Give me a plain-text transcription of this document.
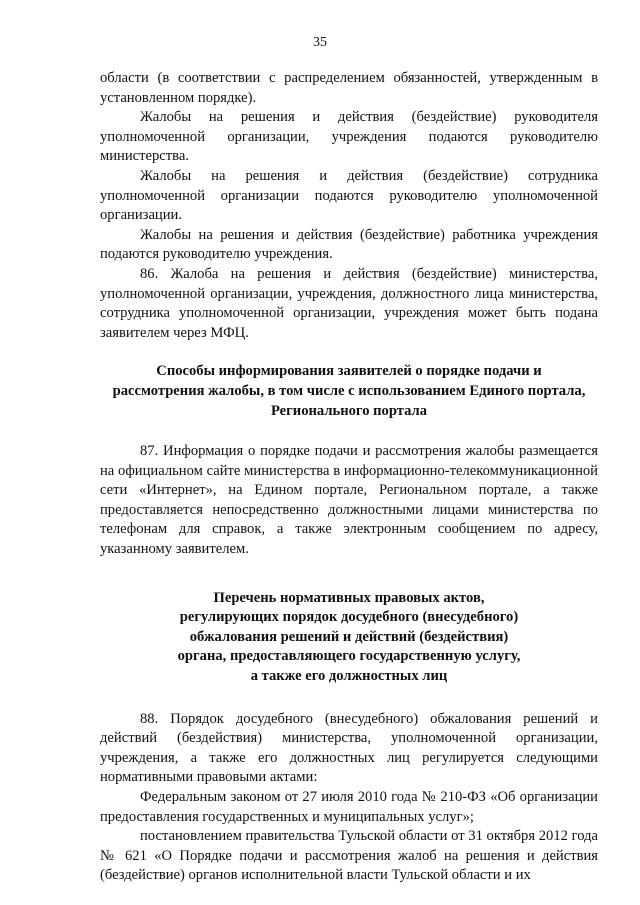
35

области (в соответствии с распределением обязанностей, утвержденным в установленном порядке).

Жалобы на решения и действия (бездействие) руководителя уполномоченной организации, учреждения подаются руководителю министерства.

Жалобы на решения и действия (бездействие) сотрудника уполномоченной организации подаются руководителю уполномоченной организации.

Жалобы на решения и действия (бездействие) работника учреждения подаются руководителю учреждения.

86. Жалоба на решения и действия (бездействие) министерства, уполномоченной организации, учреждения, должностного лица министерства, сотрудника уполномоченной организации, учреждения может быть подана заявителем через МФЦ.

Способы информирования заявителей о порядке подачи и
рассмотрения жалобы, в том числе с использованием Единого портала,
Регионального портала

87. Информация о порядке подачи и рассмотрения жалобы размещается на официальном сайте министерства в информационно-телекоммуникационной сети «Интернет», на Едином портале, Региональном портале, а также предоставляется непосредственно должностными лицами министерства по телефонам для справок, а также электронным сообщением по адресу, указанному заявителем.

Перечень нормативных правовых актов,
регулирующих порядок досудебного (внесудебного)
обжалования решений и действий (бездействия)
органа, предоставляющего государственную услугу,
а также его должностных лиц

88. Порядок досудебного (внесудебного) обжалования решений и действий (бездействия) министерства, уполномоченной организации, учреждения, а также его должностных лиц регулируется следующими нормативными правовыми актами:

Федеральным законом от 27 июля 2010 года № 210-ФЗ «Об организации предоставления государственных и муниципальных услуг»;

постановлением правительства Тульской области от 31 октября 2012 года № 621 «О Порядке подачи и рассмотрения жалоб на решения и действия (бездействие) органов исполнительной власти Тульской области и их
